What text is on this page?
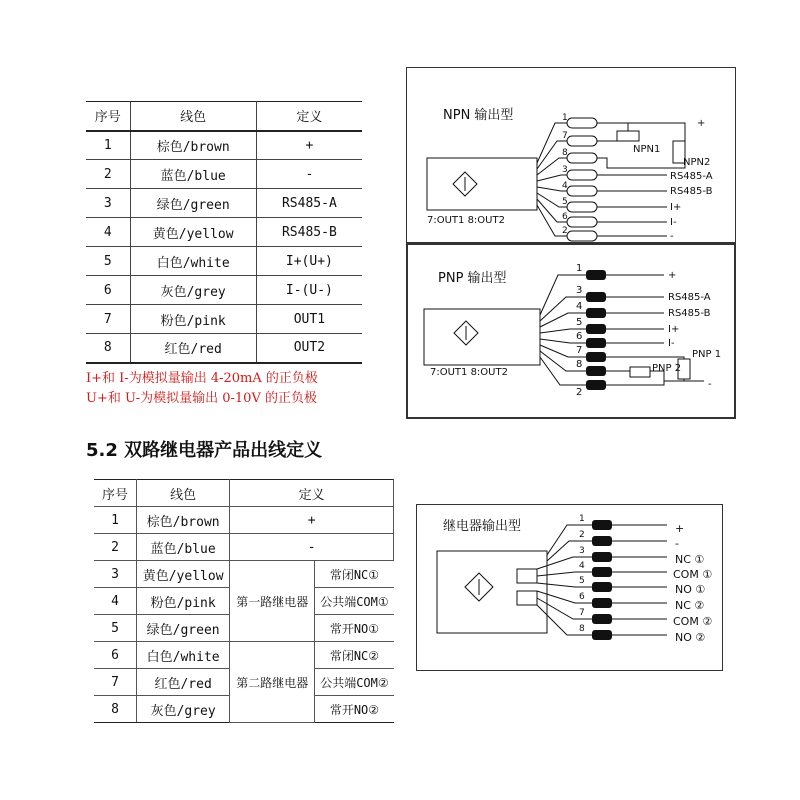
序号	线色	定义
1	棕色/brown	+
2	蓝色/blue	-
3	绿色/green	RS485-A
4	黄色/yellow	RS485-B
5	白色/white	I+(U+)
6	灰色/grey	I-(U-)
7	粉色/pink	OUT1
8	红色/red	OUT2
I+和 I-为模拟量输出 4-20mA 的正负极
U+和 U-为模拟量输出 0-10V 的正负极
5.2 双路继电器产品出线定义
序号	线色	定义	
1	棕色/brown	+	
2	蓝色/blue	-	
3	黄色/yellow	第一路继电器	常闭NC①
4	粉色/pink		公共端COM①
5	绿色/green		常开NO①
6	白色/white	第二路继电器	常闭NC②
7	红色/red		公共端COM②
8	灰色/grey		常开NO②
NPN 输出型	1
7
8
3
4
5
6
2
+
NPN1
NPN2
RS485-A
RS485-B
I+
I-
-
7:OUT1 8:OUT2
PNP 输出型
1
3
4
5
6
7
8
2
+
RS485-A
RS485-B
I+
I-
PNP 1
PNP 2
-
7:OUT1 8:OUT2
继电器输出型	1
2
3
4
5
6
7
8
+
-
NC ①
COM ①
NO ①
NC ②
COM ②
NO ②
